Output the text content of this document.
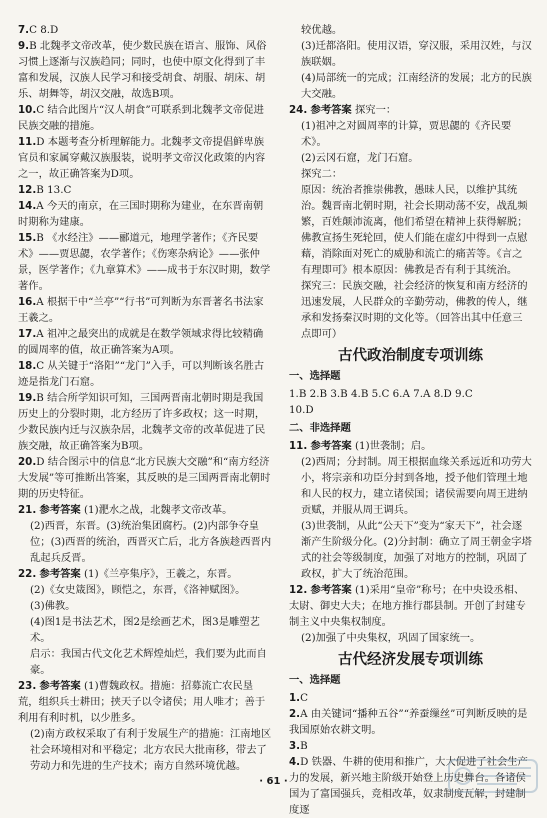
7.C 8.D
9.B 北魏孝文帝改革，使少数民族在语言、服饰、风俗习惯上逐渐与汉族趋同；同时，也使中原文化得到了丰富和发展，汉族人民学习和接受胡食、胡服、胡床、胡乐、胡舞等，胡汉交融，故选B项。
10.C 结合此图片“汉人胡食”可联系到北魏孝文帝促进民族交融的措施。
11.D 本题考查分析理解能力。北魏孝文帝提倡鲜卑族官员和家属穿戴汉族服装，说明孝文帝汉化政策的内容之一，故正确答案为D项。
12.B 13.C
14.A 今天的南京，在三国时期称为建业，在东晋南朝时期称为建康。
15.B 《水经注》——郦道元，地理学著作；《齐民要术》——贾思勰，农学著作；《伤寒杂病论》——张仲景，医学著作；《九章算术》——成书于东汉时期，数学著作。
16.A 根据干中“兰亭”“行书”可判断为东晋著名书法家王羲之。
17.A 祖冲之最突出的成就是在数学领域求得比较精确的圆周率的值，故正确答案为A项。
18.C 从关键于“洛阳”“龙门”入手，可以判断该名胜古迹是指龙门石窟。
19.B 结合所学知识可知，三国两晋南北朝时期是我国历史上的分裂时期，北方经历了许多政权；这一时期，少数民族内迁与汉族杂居，北魏孝文帝的改革促进了民族交融，故正确答案为B项。
20.D 结合图示中的信息“北方民族大交融”和“南方经济大发展”等可推断出答案，其反映的是三国两晋南北朝时期的历史特征。
21. 参考答案 (1)淝水之战，北魏孝文帝改革。
(2)西晋，东晋。(3)统治集团腐朽。(2)内部争夺皇位；(3)西晋的统治，西晋灭亡后，北方各族趁西晋内乱起兵反晋。
22. 参考答案 (1)《兰亭集序》，王羲之，东晋。
(2)《女史箴图》，顾恺之，东晋，《洛神赋图》。
(3)佛教。
(4)图1是书法艺术，图2是绘画艺术，图3是雕塑艺术。
启示：我国古代文化艺术辉煌灿烂，我们要为此而自豪。
23. 参考答案 (1)曹魏政权。措施：招募流亡农民垦荒，组织兵士耕田；挟天子以令诸侯；用人唯才；善于利用有利时机，以少胜多。
(2)南方政权采取了有利于发展生产的措施：江南地区社会环境相对和平稳定；北方农民大批南移，带去了劳动力和先进的生产技术；南方自然环境优越。
较优越。
(3)迁都洛阳。使用汉语，穿汉服，采用汉姓，与汉族联姻。
(4)局部统一的完成；江南经济的发展；北方的民族大交融。
24. 参考答案 探究一：
(1)祖冲之对圆周率的计算，贾思勰的《齐民要术》。
(2)云冈石窟，龙门石窟。
探究二：
原因：统治者推崇佛教，愚昧人民，以维护其统治。魏晋南北朝时期，社会长期动荡不安，战乱频繁，百姓颠沛流离，他们希望在精神上获得解脱；佛教宣扬生死轮回，使人们能在虚幻中得到一点慰藉，消除面对死亡的威胁和流亡的痛苦等。《言之有理即可》根本原因：佛教是否有利于其统治。
探究三：民族交融，社会经济的恢复和南方经济的迅速发展，人民群众的辛勤劳动，佛教的传人，继承和发扬秦汉时期的文化等。（回答出其中任意三点即可）
古代政治制度专项训练
一、选择题
1.B 2.B 3.B 4.B 5.C 6.A 7.A 8.D 9.C
10.D
二、非选择题
11. 参考答案 (1)世袭制；启。
(2)西周；分封制。周王根据血缘关系远近和功劳大小，将宗亲和功臣分封到各地，授予他们管理土地和人民的权力，建立诸侯国；诸侯需要向周王进纳贡赋，并服从周王调兵。
(3)世袭制，从此“公天下”变为“家天下”，社会逐渐产生阶级分化。(2)分封制：确立了周王朝金字塔式的社会等级制度，加强了对地方的控制，巩固了政权，扩大了统治范围。
12. 参考答案 (1)采用“皇帝”称号；在中央设丞相、太尉、御史大夫；在地方推行郡县制。开创了封建专制主义中央集权制度。
(2)加强了中央集权，巩固了国家统一。
古代经济发展专项训练
一、选择题
1.C
2.A 由关键词“播种五谷”“养蚕缫丝”可判断反映的是我国原始农耕文明。
3.B
4.D 铁器、牛耕的使用和推广，大大促进了社会生产力的发展，新兴地主阶级开始登上历史舞台。各诸侯国为了富国强兵，竞相改革，奴隶制度瓦解，封建制度逐
· 61 ·
